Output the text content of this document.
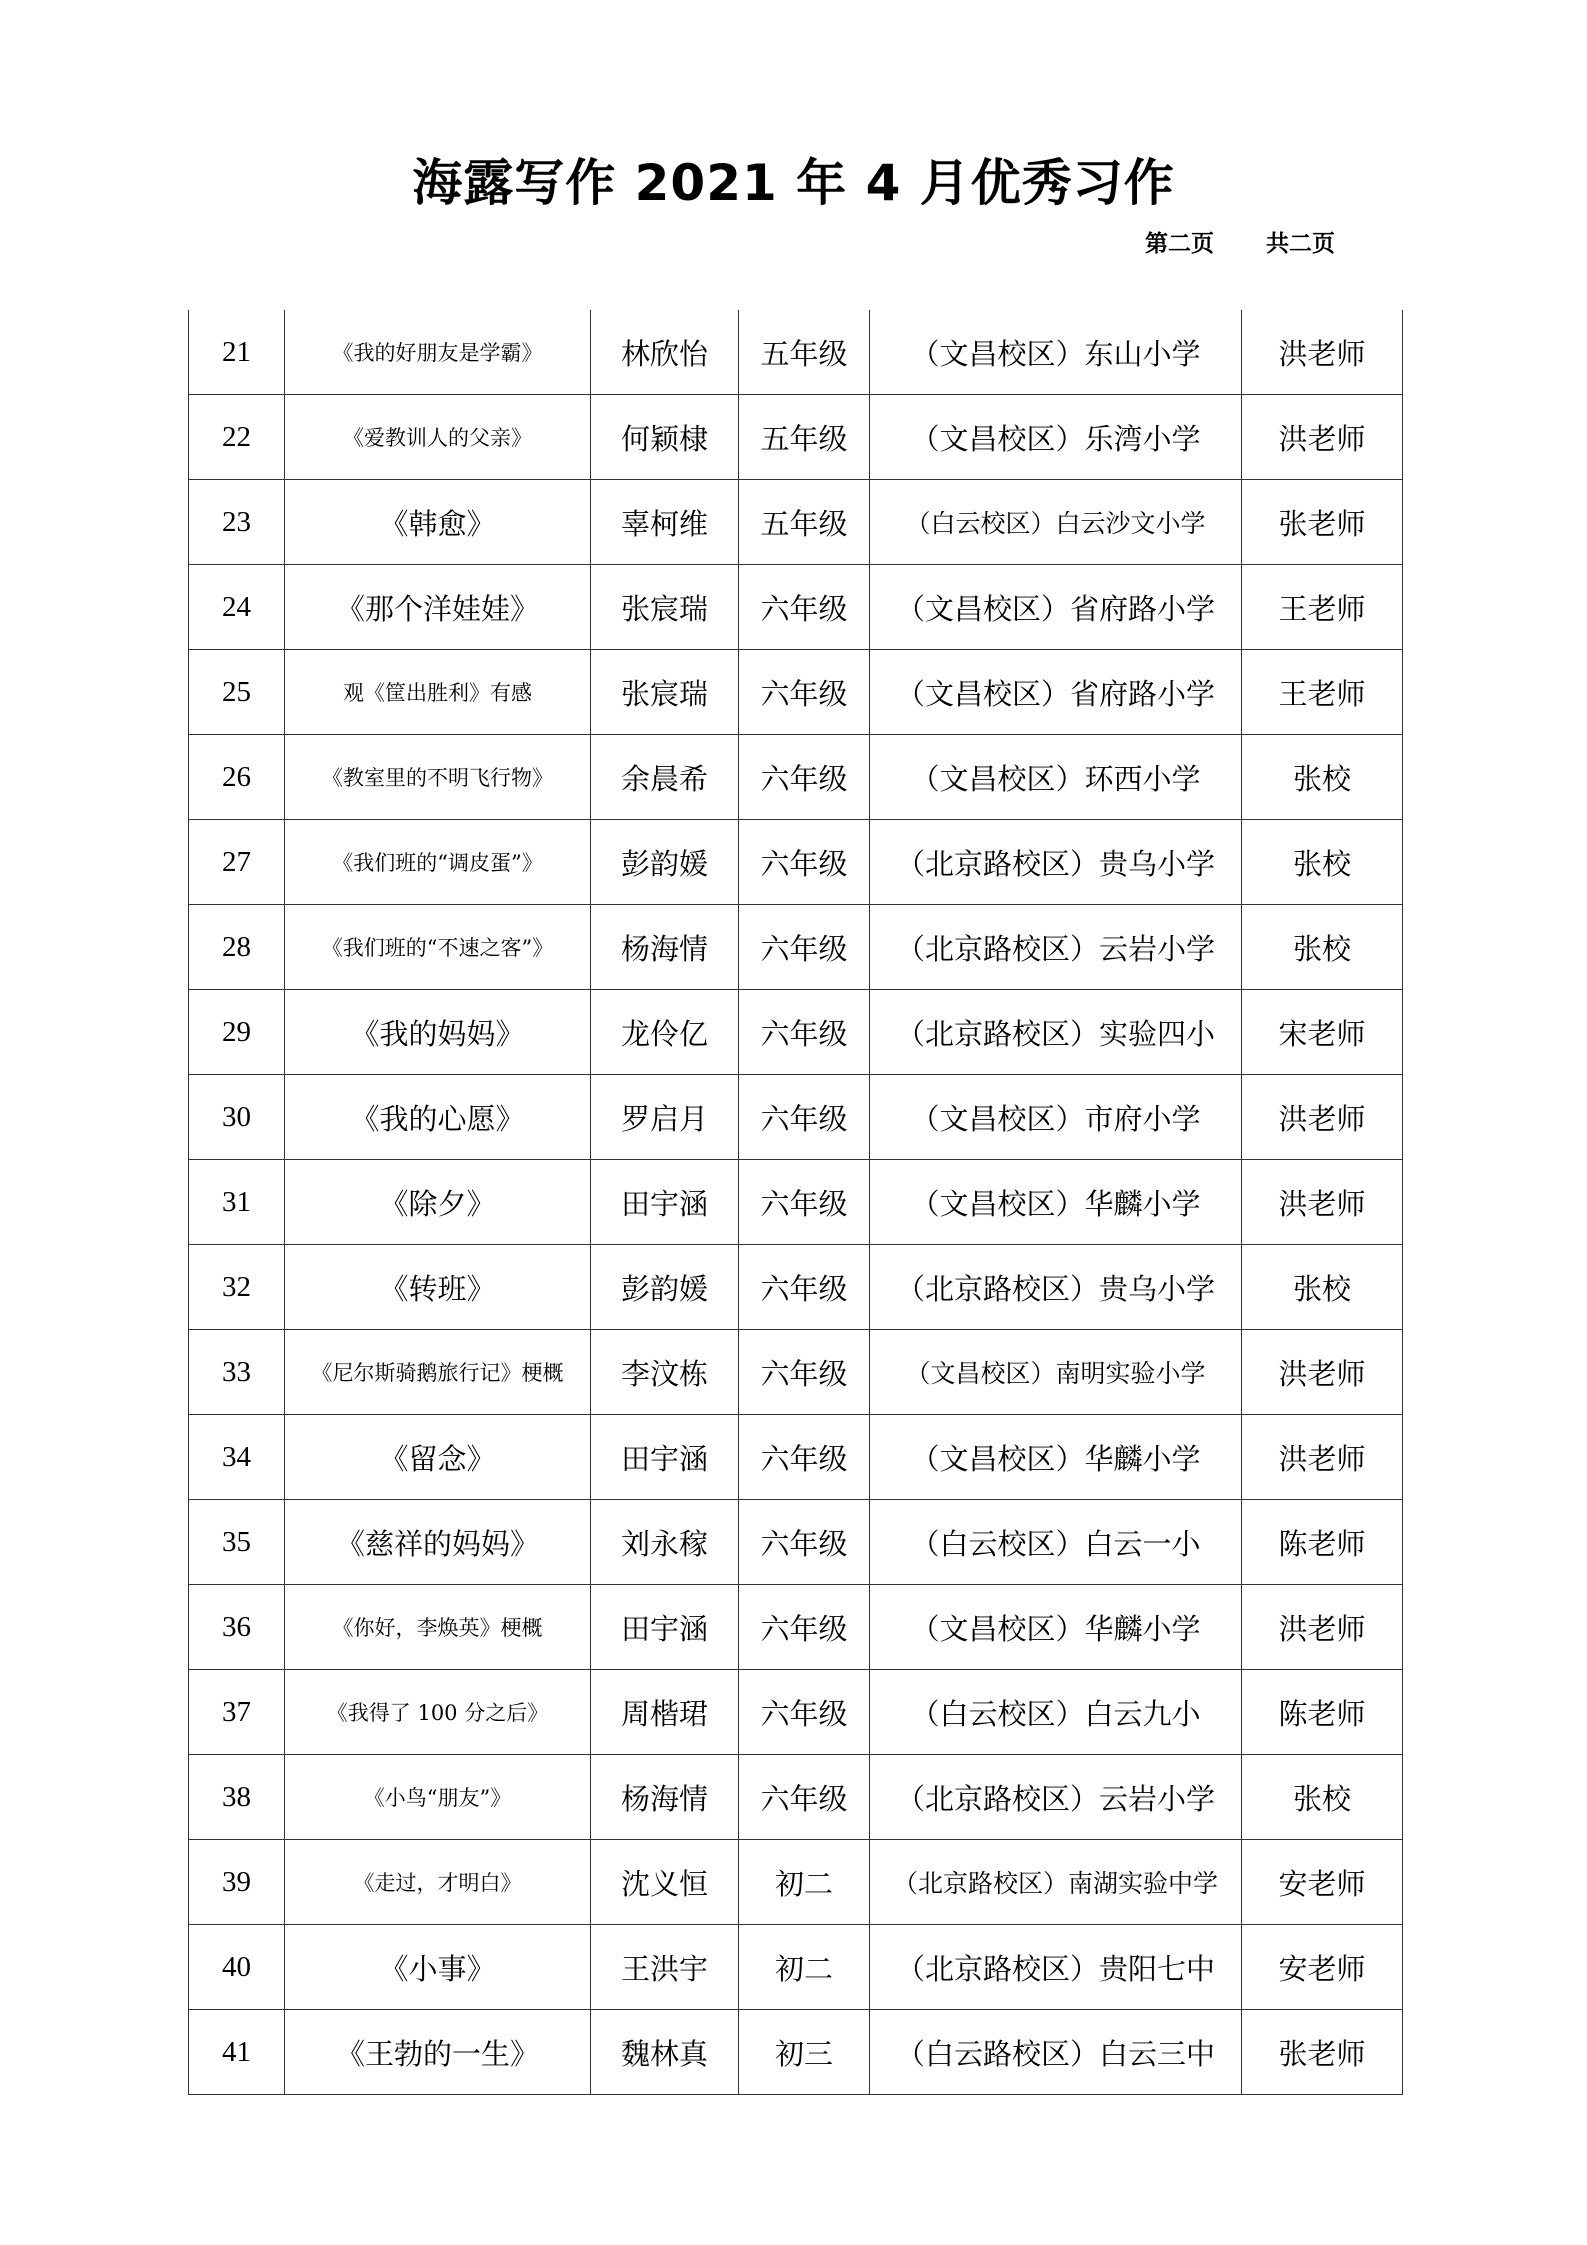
海露写作 2021 年 4 月优秀习作
第二页 共二页
21	《我的好朋友是学霸》	林欣怡	五年级	（文昌校区）东山小学	洪老师
22	《爱教训人的父亲》	何颖棣	五年级	（文昌校区）乐湾小学	洪老师
23	《韩愈》	辜柯维	五年级	（白云校区）白云沙文小学	张老师
24	《那个洋娃娃》	张宸瑞	六年级	（文昌校区）省府路小学	王老师
25	观《筐出胜利》有感	张宸瑞	六年级	（文昌校区）省府路小学	王老师
26	《教室里的不明飞行物》	余晨希	六年级	（文昌校区）环西小学	张校
27	《我们班的“调皮蛋”》	彭韵媛	六年级	（北京路校区）贵乌小学	张校
28	《我们班的“不速之客”》	杨海情	六年级	（北京路校区）云岩小学	张校
29	《我的妈妈》	龙伶亿	六年级	（北京路校区）实验四小	宋老师
30	《我的心愿》	罗启月	六年级	（文昌校区）市府小学	洪老师
31	《除夕》	田宇涵	六年级	（文昌校区）华麟小学	洪老师
32	《转班》	彭韵媛	六年级	（北京路校区）贵乌小学	张校
33	《尼尔斯骑鹅旅行记》梗概	李汶栋	六年级	（文昌校区）南明实验小学	洪老师
34	《留念》	田宇涵	六年级	（文昌校区）华麟小学	洪老师
35	《慈祥的妈妈》	刘永稼	六年级	（白云校区）白云一小	陈老师
36	《你好，李焕英》梗概	田宇涵	六年级	（文昌校区）华麟小学	洪老师
37	《我得了 100 分之后》	周楷珺	六年级	（白云校区）白云九小	陈老师
38	《小鸟“朋友”》	杨海情	六年级	（北京路校区）云岩小学	张校
39	《走过，才明白》	沈义恒	初二	（北京路校区）南湖实验中学	安老师
40	《小事》	王洪宇	初二	（北京路校区）贵阳七中	安老师
41	《王勃的一生》	魏林真	初三	（白云路校区）白云三中	张老师
